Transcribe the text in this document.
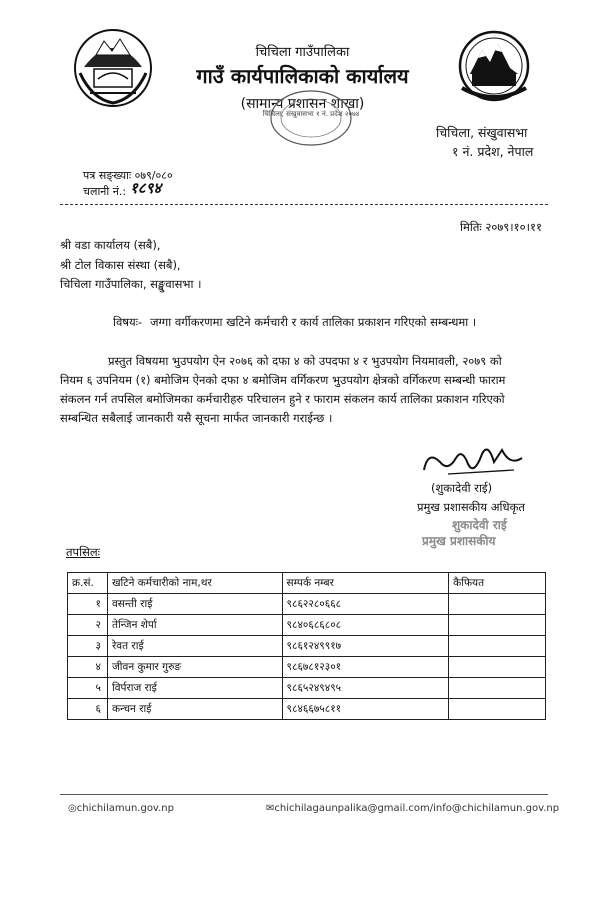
चिचिला गाउँपालिका
गाउँ कार्यपालिकाको कार्यालय
(सामान्य प्रशासन शाखा)
चिचिला, संखुवासभा १ नं. प्रदेश २०७४
चिचिला, संखुवासभा
१ नं. प्रदेश, नेपाल
पत्र सङ्ख्याः ०७९/०८०
चलानी नं.: १८९४
मितिः २०७९।१०।११
श्री वडा कार्यालय (सबै),
श्री टोल विकास संस्था (सबै),
चिचिला गाउँपालिका, सङ्खुवासभा ।
विषयः- जग्गा वर्गीकरणमा खटिने कर्मचारी र कार्य तालिका प्रकाशन गरिएको सम्बन्धमा ।
प्रस्तुत विषयमा भुउपयोग ऐन २०७६ को दफा ४ को उपदफा ४ र भुउपयोग नियमावली, २०७९ को
नियम ६ उपनियम (१) बमोजिम ऐनको दफा ४ बमोजिम वर्गिकरण भुउपयोग क्षेत्रको वर्गिकरण सम्बन्धी फाराम
संकलन गर्न तपसिल बमोजिमका कर्मचारीहरु परिचालन हुने र फाराम संकलन कार्य तालिका प्रकाशन गरिएको
सम्बन्धित सबैलाई जानकारी यसै सूचना मार्फत जानकारी गराईन्छ ।
(शुकादेवी राई)
प्रमुख प्रशासकीय अधिकृत
शुकादेवी राई
प्रमुख प्रशासकीय
तपसिलः
क्र.सं.	खटिने कर्मचारीको नाम,थर	सम्पर्क नम्बर	कैफियत
१	वसन्ती राई	९८६२२८०६६८	
२	तेन्जिन शेर्पा	९८४०६८६८०८	
३	रेवत राई	९८६१२४९९१७	
४	जीवन कुमार गुरुङ	९८६७८१२३०१	
५	विर्पराज राई	९८६५२४९४९५	
६	कन्चन राई	९८४६६७५८११	
◎chichilamun.gov.np	✉chichilagaunpalika@gmail.com/info@chichilamun.gov.np
